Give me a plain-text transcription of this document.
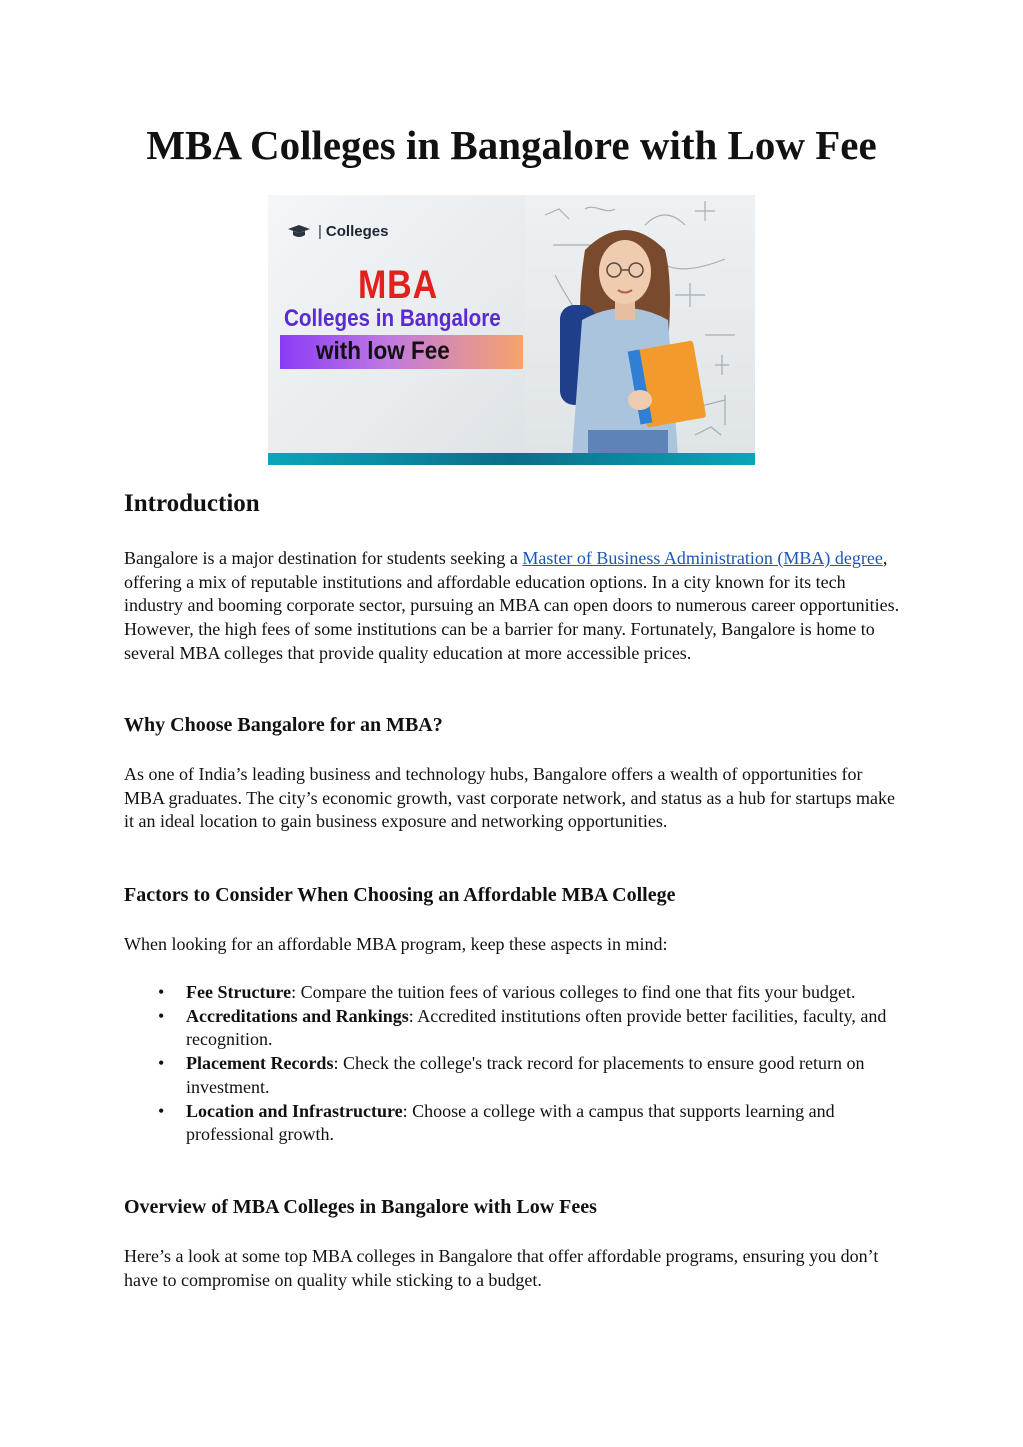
MBA Colleges in Bangalore with Low Fee
| Colleges
MBA
Colleges in Bangalore
with low Fee
Introduction

Bangalore is a major destination for students seeking a Master of Business Administration (MBA) degree, offering a mix of reputable institutions and affordable education options. In a city known for its tech industry and booming corporate sector, pursuing an MBA can open doors to numerous career opportunities. However, the high fees of some institutions can be a barrier for many. Fortunately, Bangalore is home to several MBA colleges that provide quality education at more accessible prices.

Why Choose Bangalore for an MBA?

As one of India’s leading business and technology hubs, Bangalore offers a wealth of opportunities for MBA graduates. The city’s economic growth, vast corporate network, and status as a hub for startups make it an ideal location to gain business exposure and networking opportunities.

Factors to Consider When Choosing an Affordable MBA College

When looking for an affordable MBA program, keep these aspects in mind:

• Fee Structure: Compare the tuition fees of various colleges to find one that fits your budget.
• Accreditations and Rankings: Accredited institutions often provide better facilities, faculty, and recognition.
• Placement Records: Check the college's track record for placements to ensure good return on investment.
• Location and Infrastructure: Choose a college with a campus that supports learning and professional growth.
Overview of MBA Colleges in Bangalore with Low Fees

Here’s a look at some top MBA colleges in Bangalore that offer affordable programs, ensuring you don’t have to compromise on quality while sticking to a budget.
